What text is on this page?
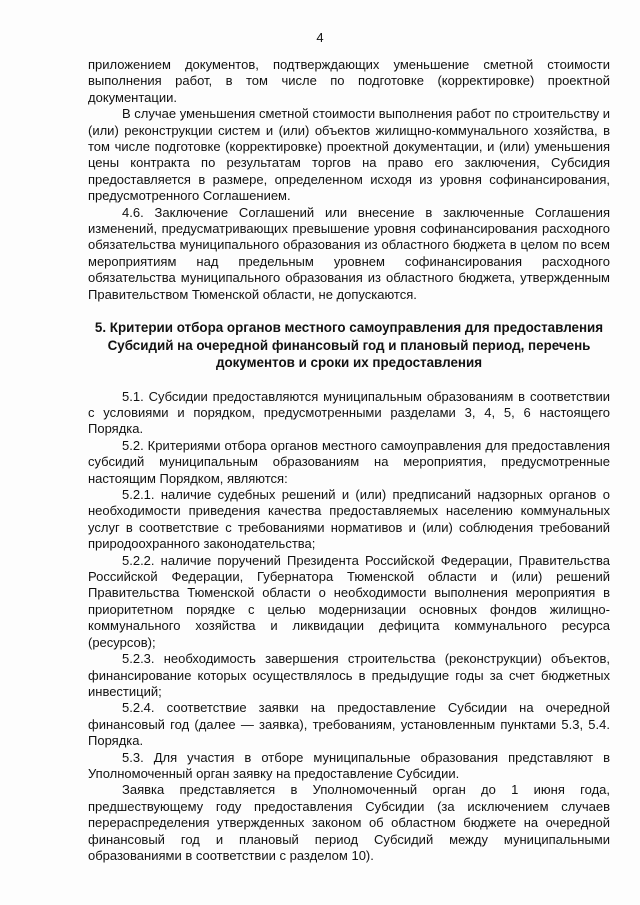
4

приложением документов, подтверждающих уменьшение сметной стоимости выполнения работ, в том числе по подготовке (корректировке) проектной документации.

В случае уменьшения сметной стоимости выполнения работ по строительству и (или) реконструкции систем и (или) объектов жилищно-коммунального хозяйства, в том числе подготовке (корректировке) проектной документации, и (или) уменьшения цены контракта по результатам торгов на право его заключения, Субсидия предоставляется в размере, определенном исходя из уровня софинансирования, предусмотренного Соглашением.

4.6. Заключение Соглашений или внесение в заключенные Соглашения изменений, предусматривающих превышение уровня софинансирования расходного обязательства муниципального образования из областного бюджета в целом по всем мероприятиям над предельным уровнем софинансирования расходного обязательства муниципального образования из областного бюджета, утвержденным Правительством Тюменской области, не допускаются.

5. Критерии отбора органов местного самоуправления для предоставления Субсидий на очередной финансовый год и плановый период, перечень документов и сроки их предоставления

5.1. Субсидии предоставляются муниципальным образованиям в соответствии с условиями и порядком, предусмотренными разделами 3, 4, 5, 6 настоящего Порядка.

5.2. Критериями отбора органов местного самоуправления для предоставления субсидий муниципальным образованиям на мероприятия, предусмотренные настоящим Порядком, являются:

5.2.1. наличие судебных решений и (или) предписаний надзорных органов о необходимости приведения качества предоставляемых населению коммунальных услуг в соответствие с требованиями нормативов и (или) соблюдения требований природоохранного законодательства;

5.2.2. наличие поручений Президента Российской Федерации, Правительства Российской Федерации, Губернатора Тюменской области и (или) решений Правительства Тюменской области о необходимости выполнения мероприятия в приоритетном порядке с целью модернизации основных фондов жилищно-коммунального хозяйства и ликвидации дефицита коммунального ресурса (ресурсов);

5.2.3. необходимость завершения строительства (реконструкции) объектов, финансирование которых осуществлялось в предыдущие годы за счет бюджетных инвестиций;

5.2.4. соответствие заявки на предоставление Субсидии на очередной финансовый год (далее — заявка), требованиям, установленным пунктами 5.3, 5.4. Порядка.

5.3. Для участия в отборе муниципальные образования представляют в Уполномоченный орган заявку на предоставление Субсидии.

Заявка представляется в Уполномоченный орган до 1 июня года, предшествующему году предоставления Субсидии (за исключением случаев перераспределения утвержденных законом об областном бюджете на очередной финансовый год и плановый период Субсидий между муниципальными образованиями в соответствии с разделом 10).
